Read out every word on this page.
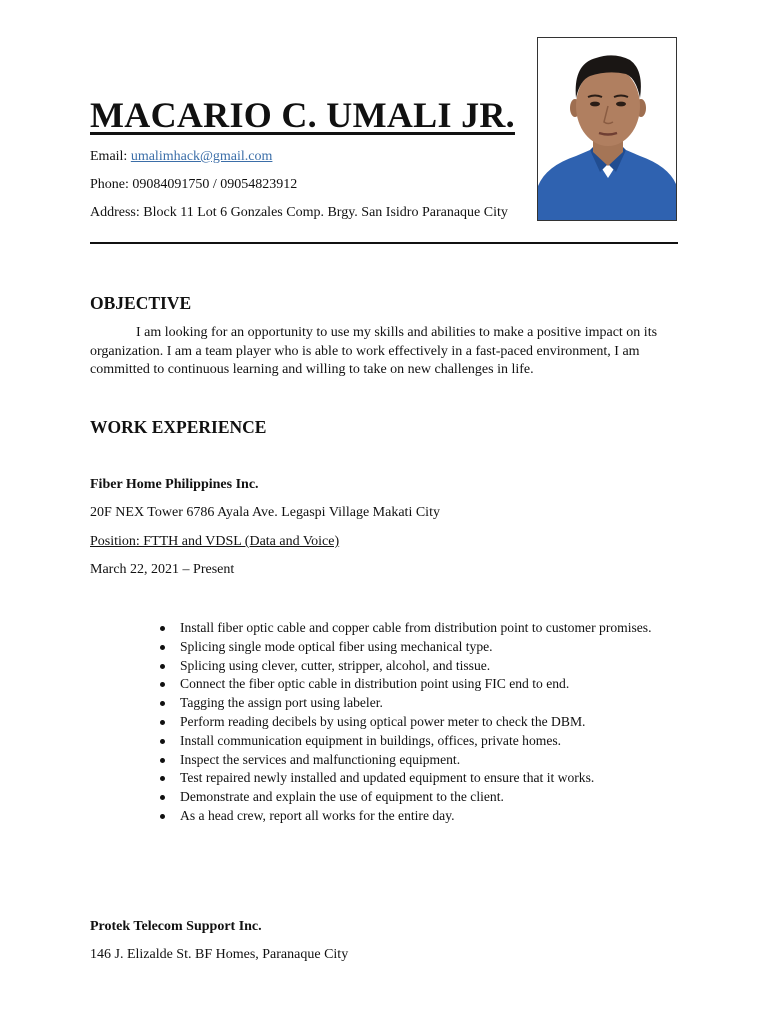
MACARIO C. UMALI JR.
Email: umalimhack@gmail.com
Phone: 09084091750 / 09054823912
Address: Block 11 Lot 6 Gonzales Comp. Brgy. San Isidro Paranaque City
OBJECTIVE

I am looking for an opportunity to use my skills and abilities to make a positive impact on its organization. I am a team player who is able to work effectively in a fast-paced environment, I am committed to continuous learning and willing to take on new challenges in life.

WORK EXPERIENCE
Fiber Home Philippines Inc.
20F NEX Tower 6786 Ayala Ave. Legaspi Village Makati City
Position: FTTH and VDSL (Data and Voice)
March 22, 2021 – Present
Install fiber optic cable and copper cable from distribution point to customer promises.
Splicing single mode optical fiber using mechanical type.
Splicing using clever, cutter, stripper, alcohol, and tissue.
Connect the fiber optic cable in distribution point using FIC end to end.
Tagging the assign port using labeler.
Perform reading decibels by using optical power meter to check the DBM.
Install communication equipment in buildings, offices, private homes.
Inspect the services and malfunctioning equipment.
Test repaired newly installed and updated equipment to ensure that it works.
Demonstrate and explain the use of equipment to the client.
As a head crew, report all works for the entire day.
Protek Telecom Support Inc.
146 J. Elizalde St. BF Homes, Paranaque City
